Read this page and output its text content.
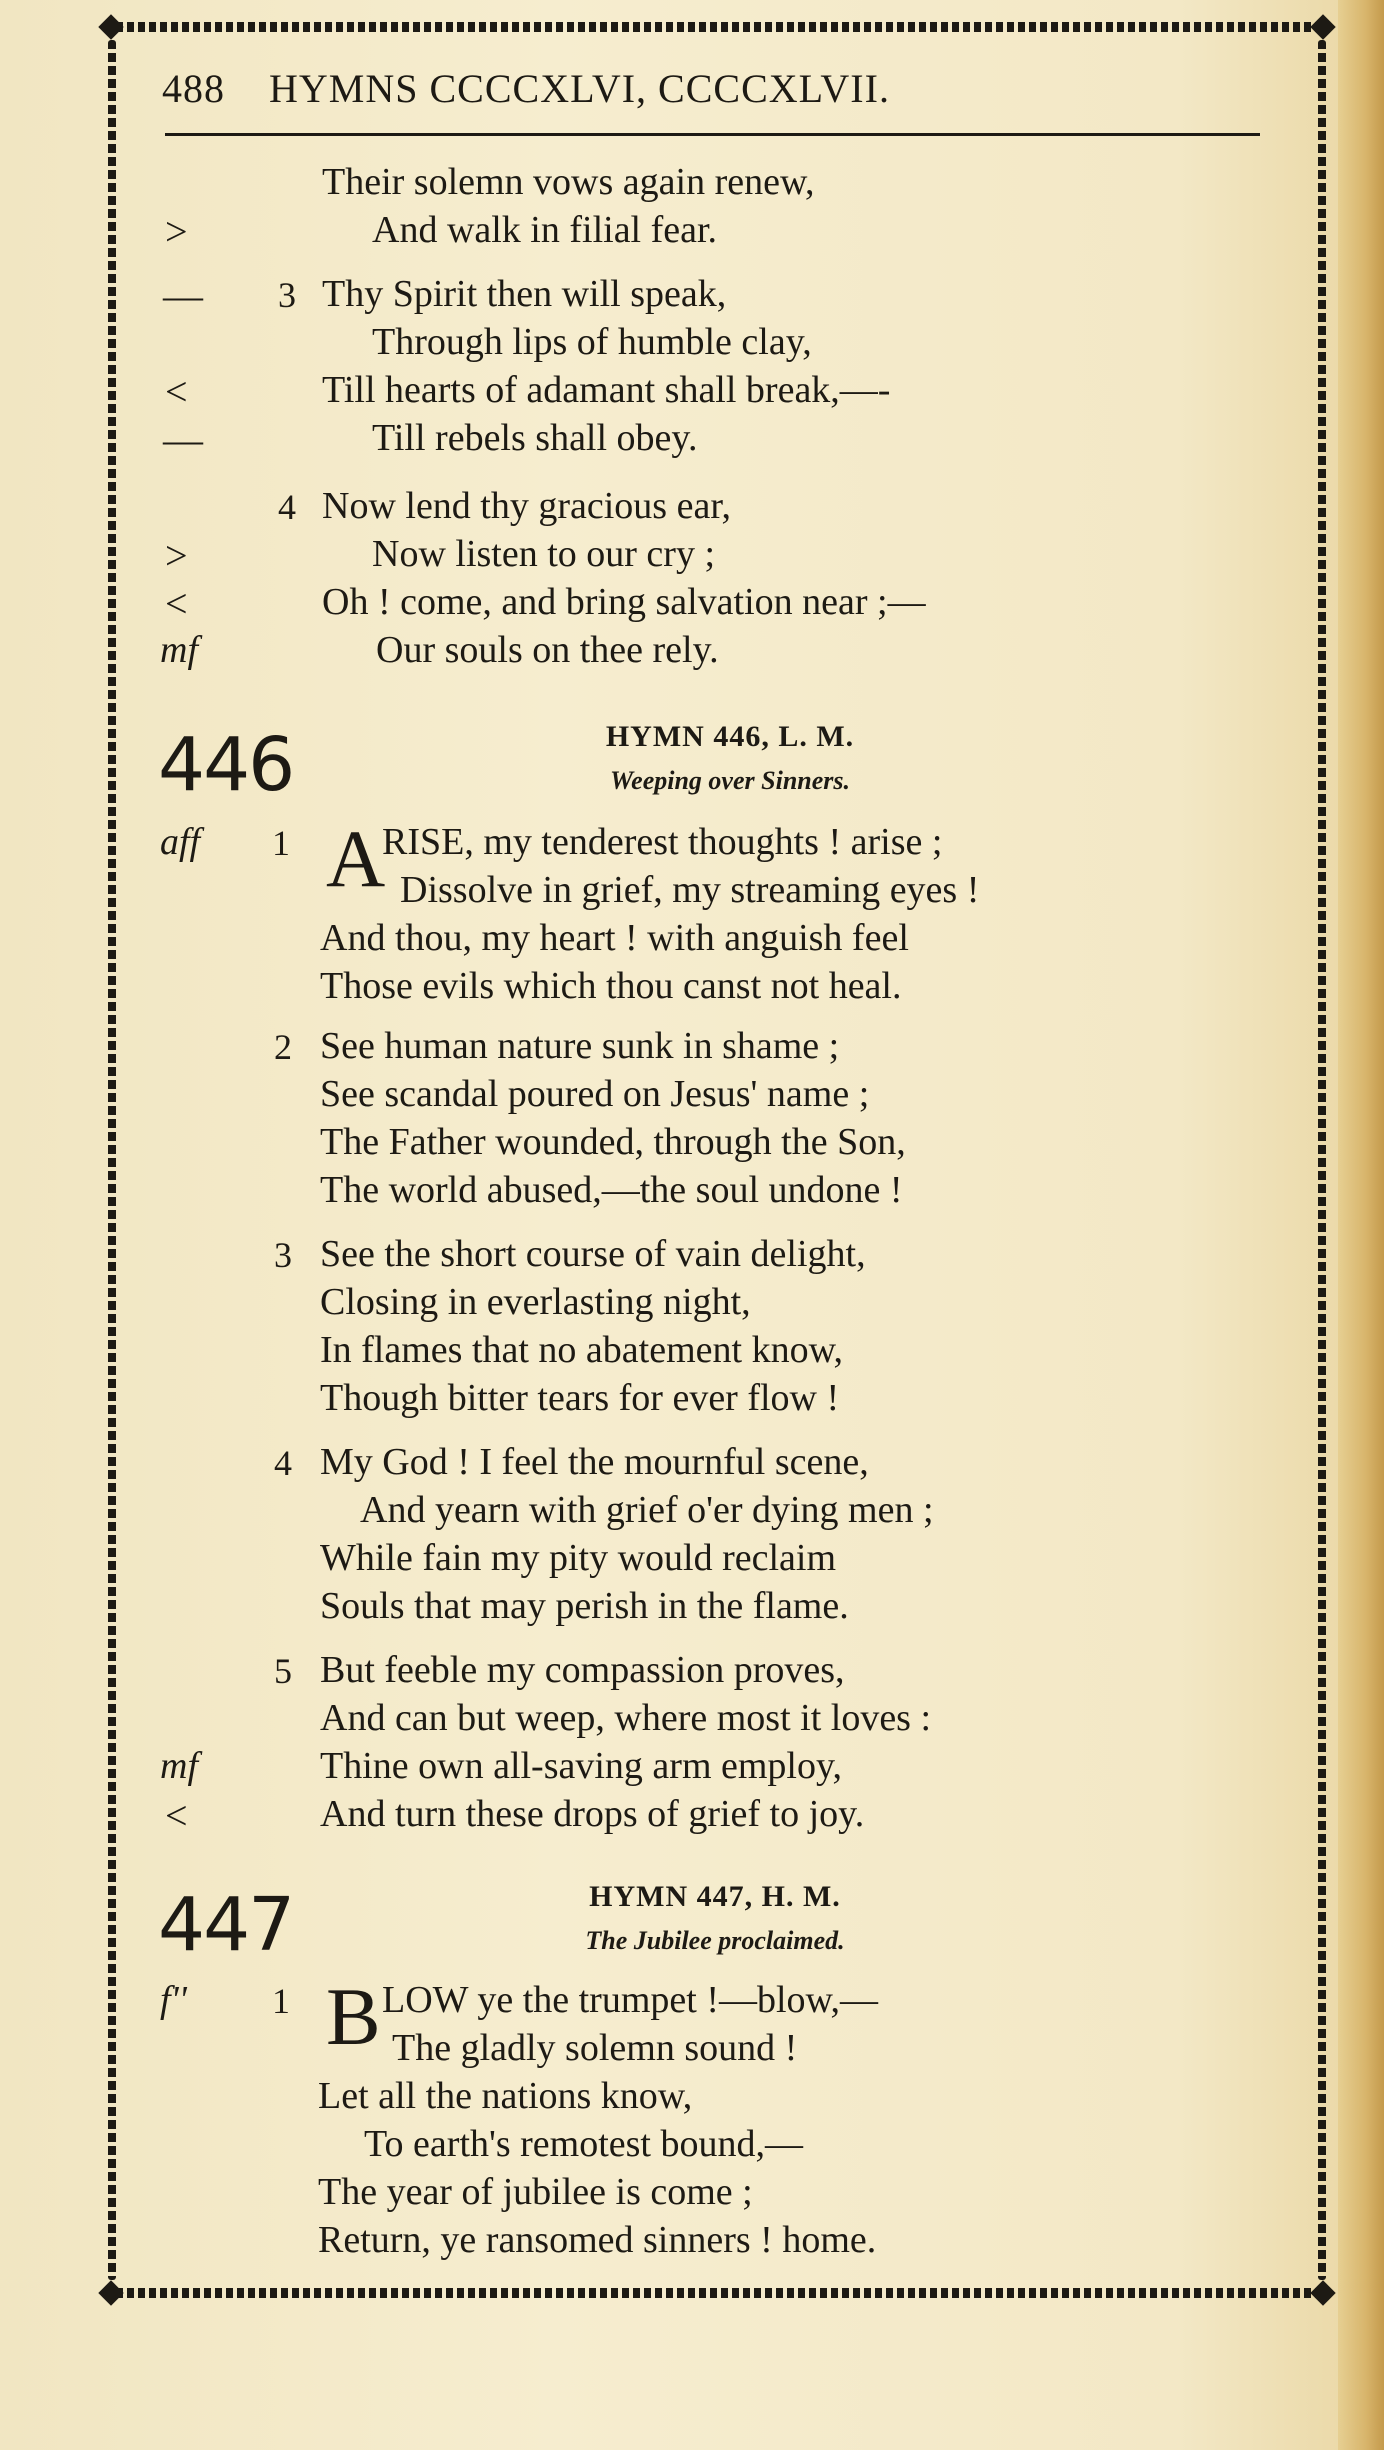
488 HYMNS CCCCXLVI, CCCCXLVII.
Their solemn vows again renew,
>	And walk in filial fear.
— 3 Thy Spirit then will speak,
Through lips of humble clay,
<	Till hearts of adamant shall break,—-
—	Till rebels shall obey.
4 Now lend thy gracious ear,
>	Now listen to our cry ;
<	Oh ! come, and bring salvation near ;—
mf	Our souls on thee rely.
446	HYMN 446, L. M.
Weeping over Sinners.
aff 1 A
RISE, my tenderest thoughts ! arise ;
Dissolve in grief, my streaming eyes !
And thou, my heart ! with anguish feel
Those evils which thou canst not heal.
2 See human nature sunk in shame ;
See scandal poured on Jesus' name ;
The Father wounded, through the Son,
The world abused,—the soul undone !
3 See the short course of vain delight,
Closing in everlasting night,
In flames that no abatement know,
Though bitter tears for ever flow !
4 My God ! I feel the mournful scene,
And yearn with grief o'er dying men ;
While fain my pity would reclaim
Souls that may perish in the flame.
5 But feeble my compassion proves,
And can but weep, where most it loves :
mf	Thine own all-saving arm employ,
<	And turn these drops of grief to joy.
447	HYMN 447, H. M.
The Jubilee proclaimed.
f'' 1 B LOW ye the trumpet !—blow,—
The gladly solemn sound !
Let all the nations know,
To earth's remotest bound,—
The year of jubilee is come ;
Return, ye ransomed sinners ! home.
